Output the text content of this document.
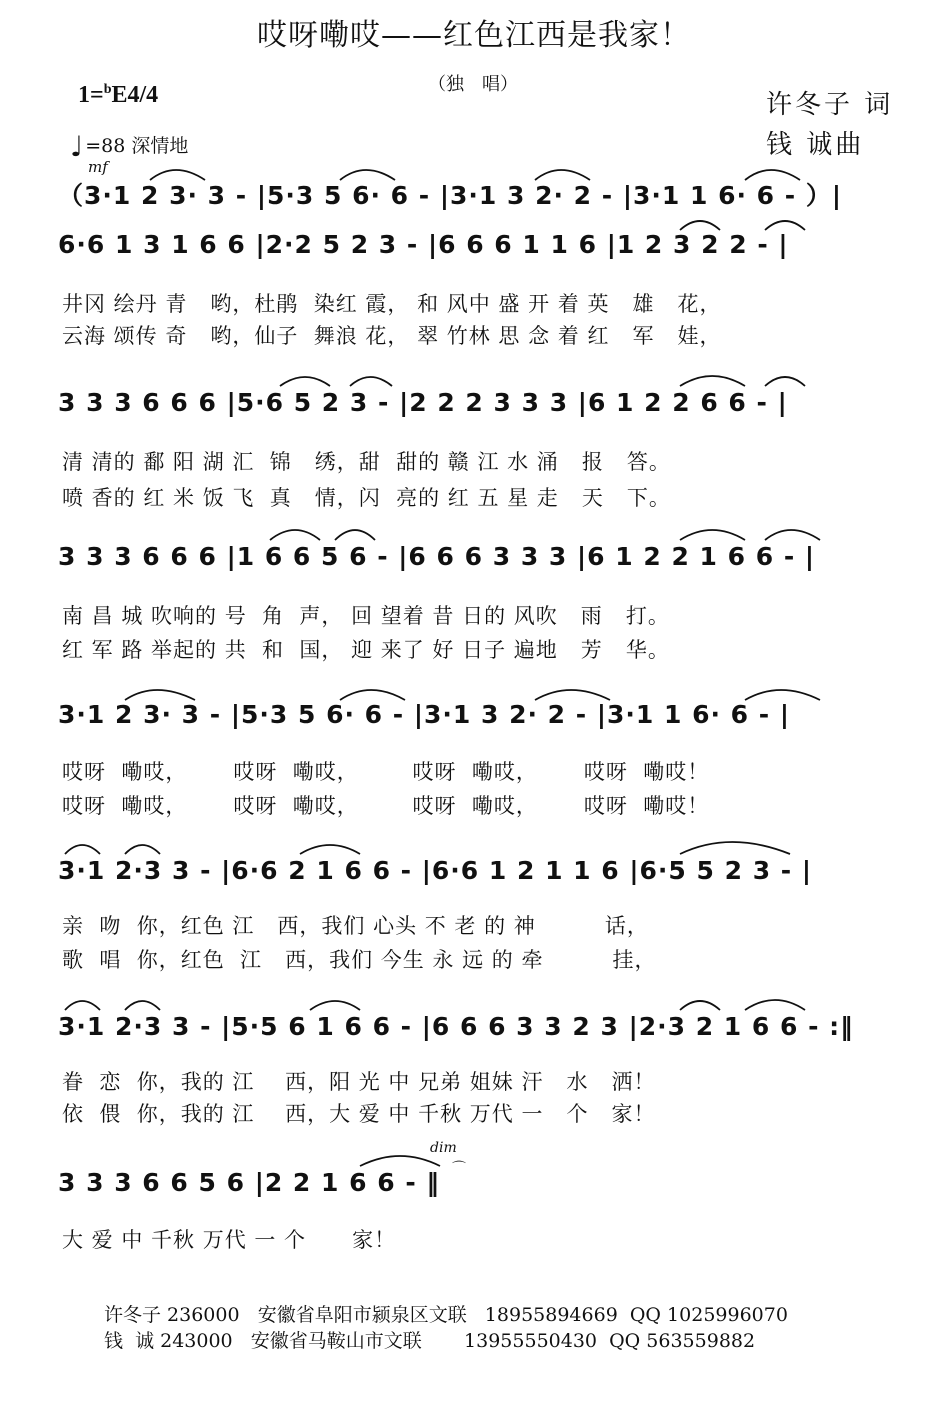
哎呀嘞哎——红色江西是我家！
（独　唱）
1=$^b$E4/4
♩ =88 深情地
mf
许冬子 词
钱 诚曲
（3·1 2 3· 3 - |5·3 5 6· 6 - |3·1 3 2· 2 - |3·1 1 6· 6 - ）|
6·6 1 3 1 6 6 |2·2 5 2 3 - |6 6 6 1 1 6 |1 2 3 2 2 - |
井冈 绘丹 青   哟，杜鹃  染红 霞， 和 风中 盛 开 着 英   雄   花，
云海 颂传 奇   哟，仙子  舞浪 花， 翠 竹林 思 念 着 红   军   娃，
3 3 3 6 6 6 |5·6 5 2 3 - |2 2 2 3 3 3 |6 1 2 2 6 6 - |
清 清的 鄱 阳 湖 汇  锦   绣，甜  甜的 赣 江 水 涌   报   答。
喷 香的 红 米 饭 飞  真   情，闪  亮的 红 五 星 走   天   下。
3 3 3 6 6 6 |1 6 6 5 6 - |6 6 6 3 3 3 |6 1 2 2 1 6 6 - |
南 昌 城 吹响的 号  角  声， 回 望着 昔 日的 风吹   雨   打。
红 军 路 举起的 共  和  国， 迎 来了 好 日子 遍地   芳   华。
3·1 2 3· 3 - |5·3 5 6· 6 - |3·1 3 2· 2 - |3·1 1 6· 6 - |
哎呀  嘞哎，      哎呀  嘞哎，       哎呀  嘞哎，      哎呀  嘞哎！
哎呀  嘞哎，      哎呀  嘞哎，       哎呀  嘞哎，      哎呀  嘞哎！
3·1 2·3 3 - |6·6 2 1 6 6 - |6·6 1 2 1 1 6 |6·5 5 2 3 - |
亲  吻  你，红色 江   西，我们 心头 不 老 的 神         话，
歌  唱  你，红色  江   西，我们 今生 永 远 的 牵         挂，
3·1 2·3 3 - |5·5 6 1 6 6 - |6 6 6 3 3 2 3 |2·3 2 1 6 6 - :‖
眷  恋  你，我的 江    西，阳 光 中 兄弟 姐妹 汗   水   洒！
依  偎  你，我的 江    西，大 爱 中 千秋 万代 一   个   家！
dim
⌒
3 3 3 6 6 5 6 |2 2 1 6 6 - ‖
大 爱 中 千秋 万代 一 个      家！
许冬子 236000   安徽省阜阳市颍泉区文联   18955894669  QQ 1025996070
钱  诚 243000   安徽省马鞍山市文联       13955550430  QQ 563559882
